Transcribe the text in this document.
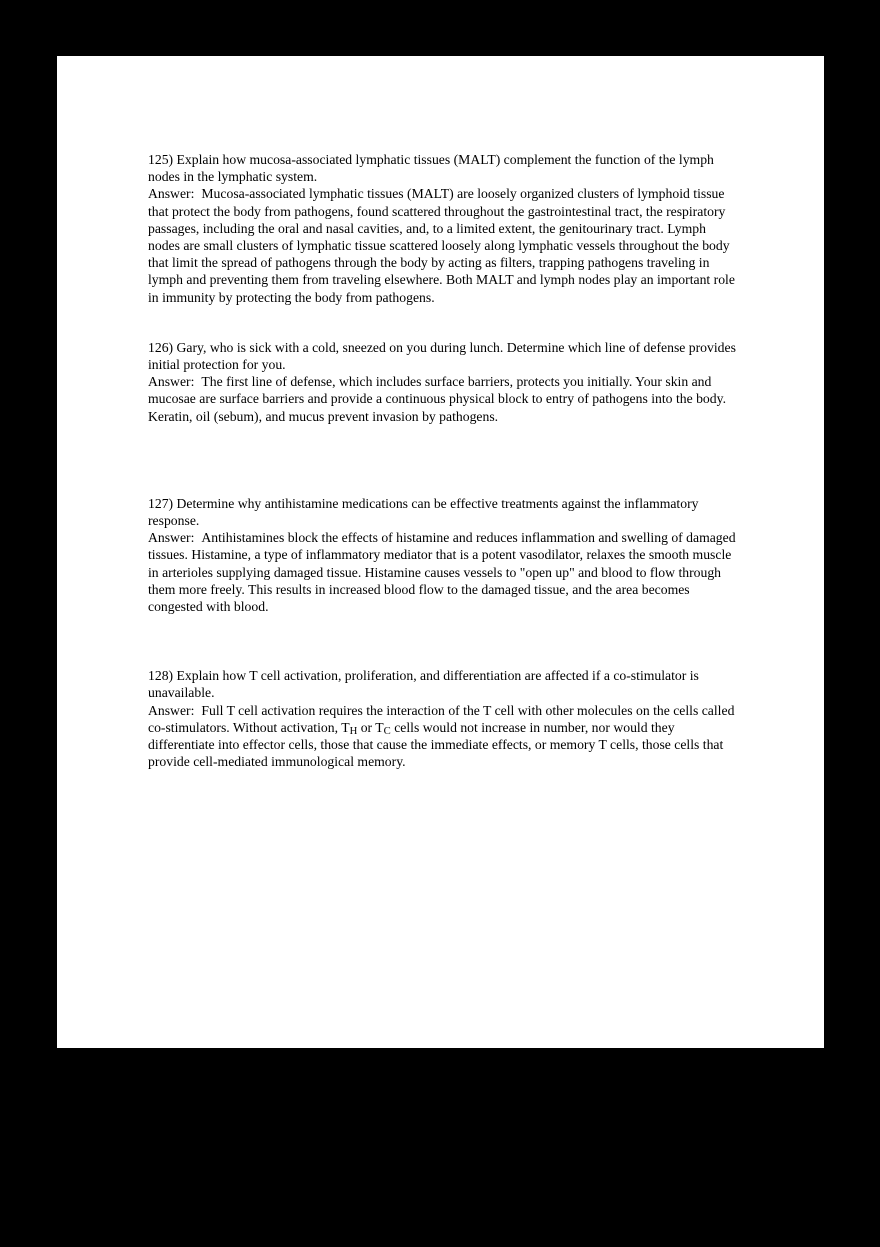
125) Explain how mucosa-associated lymphatic tissues (MALT) complement the function of the lymph nodes in the lymphatic system.

Answer: Mucosa-associated lymphatic tissues (MALT) are loosely organized clusters of lymphoid tissue that protect the body from pathogens, found scattered throughout the gastrointestinal tract, the respiratory passages, including the oral and nasal cavities, and, to a limited extent, the genitourinary tract. Lymph nodes are small clusters of lymphatic tissue scattered loosely along lymphatic vessels throughout the body that limit the spread of pathogens through the body by acting as filters, trapping pathogens traveling in lymph and preventing them from traveling elsewhere. Both MALT and lymph nodes play an important role in immunity by protecting the body from pathogens.

126) Gary, who is sick with a cold, sneezed on you during lunch. Determine which line of defense provides initial protection for you.

Answer: The first line of defense, which includes surface barriers, protects you initially. Your skin and mucosae are surface barriers and provide a continuous physical block to entry of pathogens into the body. Keratin, oil (sebum), and mucus prevent invasion by pathogens.

127) Determine why antihistamine medications can be effective treatments against the inflammatory response.

Answer: Antihistamines block the effects of histamine and reduces inflammation and swelling of damaged tissues. Histamine, a type of inflammatory mediator that is a potent vasodilator, relaxes the smooth muscle in arterioles supplying damaged tissue. Histamine causes vessels to "open up" and blood to flow through them more freely. This results in increased blood flow to the damaged tissue, and the area becomes congested with blood.

128) Explain how T cell activation, proliferation, and differentiation are affected if a co-stimulator is unavailable.

Answer: Full T cell activation requires the interaction of the T cell with other molecules on the cells called co-stimulators. Without activation, $T_H$ or $T_C$ cells would not increase in number, nor would they differentiate into effector cells, those that cause the immediate effects, or memory T cells, those cells that provide cell-mediated immunological memory.
